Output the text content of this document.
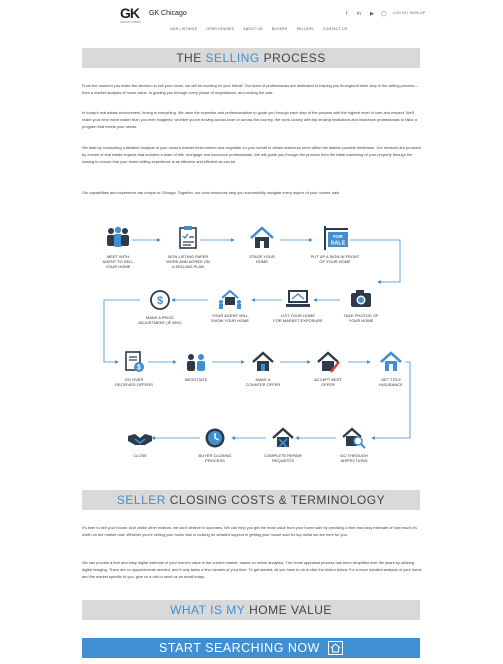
GK
GROUP KHORA
GK Chicago	f in ▶ ◯ LOG IN | SIGN UP
OUR LISTINGS	OPEN HOUSES	ABOUT US	BUYERS	SELLERS	CONTACT US
THE
SELLING
PROCESS

From the moment you make the decision to sell your home, we will be working on your behalf. Our team of professionals are dedicated to helping you throughout each step in the selling process—from a market analysis of home value, to guiding you through every phase of negotiations, and closing the sale.

In today's real estate environment, timing is everything. We have the expertise and professionalism to guide you through each step of the process with the highest level of care and respect. We'll make your next move easier than you ever imagined, whether you're moving across town or across the country. We work closely with top lending institutions and insurance professionals to tailor a program that meets your needs.

We start by conducting a detailed analysis of your home's market environment and negotiate on your behalf to obtain maximum price within the fastest possible timeframe. Our services are provided by a team of real estate experts that includes a team of title, mortgage and insurance professionals. We will guide you through the process from the initial marketing of your property through the closing to ensure that your home selling experience is as effective and efficient as can be.

Our capabilities and experience are unique to Chicago. Together, our local resources help you successfully navigate every aspect of your homes' sale.

MEET WITH
AGENT TO SELL
YOUR HOME
SIGN LISTING PAPER
WORK AND AGREE ON
A SELLING PLAN
STAGE YOUR
HOME
FOR
SALE
PUT UP A SIGN IN FRONT
OF YOUR HOME
TAKE PHOTOS OF
YOUR HOME
LIST YOUR HOME
FOR MARKET EXPOSURE
YOUR AGENT WILL
SHOW YOUR HOME
$
MAKE A PRICE
ADJUSTMENT (IF ANY)
$
GO OVER
RECEIVED OFFERS
NEGOTIATE	MAKE A
COUNTER OFFER
ACCEPT BEST
OFFER
GET TITLE
INSURANCE
GO THROUGH
INSPECTIONS
COMPLETE REPAIR
REQUESTS
BUYER CLOSING
PROCESS
CLOSE
SELLER
CLOSING COSTS & TERMINOLOGY

It's time to sell your house. And unlike other realtors, we don't believe in surprises. We can help you get the most value from your home sale by providing a free and easy estimate of how much it's worth on the market now. Whether you're selling your home fast or looking for detailed support in getting your house sold for top dollar we are here for you.

We can provide a free and easy digital estimate of your home's value in the current market, based on online analytics. The home appraisal process has been simplified over the years by utilizing digital imaging. There are no appointments needed, and it only takes a few minutes of your time. To get started, all you have to do is click the button below. For a more detailed analysis of your home and the market specific to you, give us a call or send us an email today.

WHAT IS MY
HOME VALUE
START SEARCHING NOW
